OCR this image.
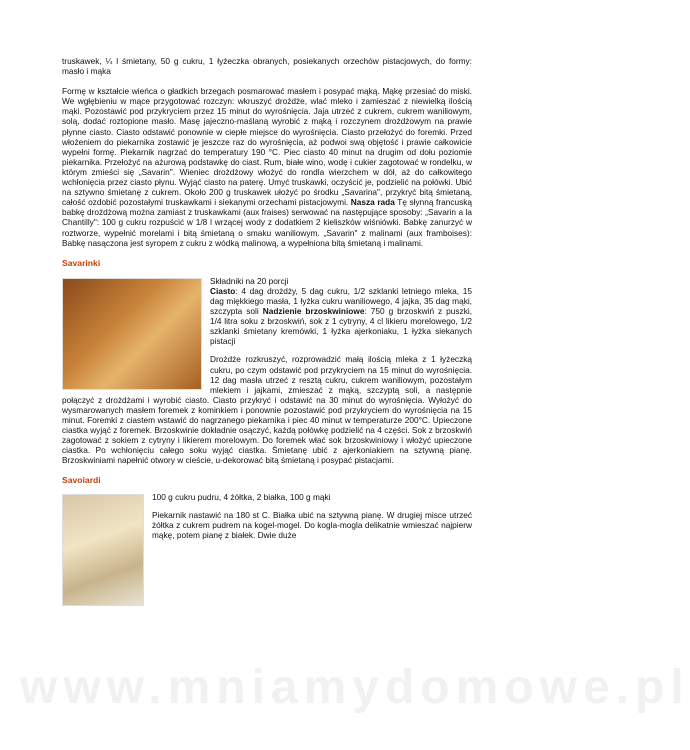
www.mniamydomowe.pl

truskawek, ¼ l śmietany, 50 g cukru, 1 łyżeczka obranych, posiekanych orzechów pistacjowych, do formy: masło i mąka

Formę w kształcie wieńca o gładkich brzegach posmarować masłem i posypać mąką. Mąkę przesiać do miski. We wgłębieniu w mące przygotować rozczyn: wkruszyć drożdże, wlać mleko i zamieszać z niewielką ilością mąki. Pozostawić pod przykryciem przez 15 minut do wyrośnięcia. Jaja utrzeć z cukrem, cukrem waniliowym, solą, dodać roztopione masło. Masę jajeczno-maślaną wyrobić z mąką i rozczynem drożdżowym na prawie płynne ciasto. Ciasto odstawić ponownie w ciepłe miejsce do wyrośnięcia. Ciasto przełożyć do foremki. Przed włożeniem do piekarnika zostawić je jeszcze raz do wyrośnięcia, aż podwoi swą objętość i prawie całkowicie wypełni formę. Piekarnik nagrzać do temperatury 190 °C. Piec ciasto 40 minut na drugim od dołu poziomie piekarnika. Przełożyć na ażurową podstawkę do ciast. Rum, białe wino, wodę i cukier zagotować w rondelku, w którym zmieści się „Savarin". Wieniec drożdżowy włożyć do rondla wierzchem w dół, aż do całkowitego wchłonięcia przez ciasto płynu. Wyjąć ciasto na paterę. Umyć truskawki, oczyścić je, podzielić na połówki. Ubić na sztywno śmietanę z cukrem. Około 200 g truskawek ułożyć po środku „Savarina", przykryć bitą śmietaną, całość ozdobić pozostałymi truskawkami i siekanymi orzechami pistacjowymi. Nasza rada Tę słynną francuską babkę drożdżową można zamiast z truskawkami (aux fraises) serwować na następujące sposoby: „Savarin a la Chantilly": 100 g cukru rozpuścić w 1/8 l wrzącej wody z dodatkiem 2 kieliszków wiśniówki. Babkę zanurzyć w roztworze, wypełnić morelami i bitą śmietaną o smaku waniliowym. „Savarin" z malinami (aux framboises): Babkę nasączona jest syropem z cukru z wódką malinową, a wypełniona bitą śmietaną i malinami.

Savarinki

Składniki na 20 porcji

Ciasto: 4 dag drożdży, 5 dag cukru, 1/2 szklanki letniego mleka, 15 dag miękkiego masła, 1 łyżka cukru waniliowego, 4 jajka, 35 dag mąki, szczypta soli Nadzienie brzoskwiniowe: 750 g brzoskwiń z puszki, 1/4 litra soku z brzoskwiń, sok z 1 cytryny, 4 cl likieru morelowego, 1/2 szklanki śmietany kremówki, 1 łyżka ajerkoniaku, 1 łyżka siekanych pistacji

Drożdże rozkruszyć, rozprowadzić małą ilością mleka z 1 łyżeczką cukru, po czym odstawić pod przykryciem na 15 minut do wyrośnięcia. 12 dag masła utrzeć z resztą cukru, cukrem waniliowym, pozostałym mlekiem i jajkami, zmieszać z mąką, szczyptą soli, a następnie połączyć z drożdżami i wyrobić ciasto. Ciasto przykryć i odstawić na 30 minut do wyrośnięcia. Wyłożyć do wysmarowanych masłem foremek z kominkiem i ponownie pozostawić pod przykryciem do wyrośnięcia na 15 minut. Foremki z ciastem wstawić do nagrzanego piekarnika i piec 40 minut w temperaturze 200°C. Upieczone ciastka wyjąć z foremek. Brzoskwinie dokładnie osączyć, każdą połówkę podzielić na 4 części. Sok z brzoskwiń zagotować z sokiem z cytryny i likierem morelowym. Do foremek włać sok brzoskwiniowy i włożyć upieczone ciastka. Po wchłonięciu całego soku wyjąć ciastka. Śmietanę ubić z ajerkoniakiem na sztywną pianę. Brzoskwiniami napełnić otwory w cieście, u-dekorować bitą śmietaną i posypać pistacjami.

Savoiardi

100 g cukru pudru, 4 żółtka, 2 białka, 100 g mąki

Piekarnik nastawić na 180 st C. Białka ubić na sztywną pianę. W drugiej misce utrzeć żółtka z cukrem pudrem na kogel-mogel. Do kogla-mogla delikatnie wmieszać najpierw mąkę, potem pianę z białek. Dwie duże
